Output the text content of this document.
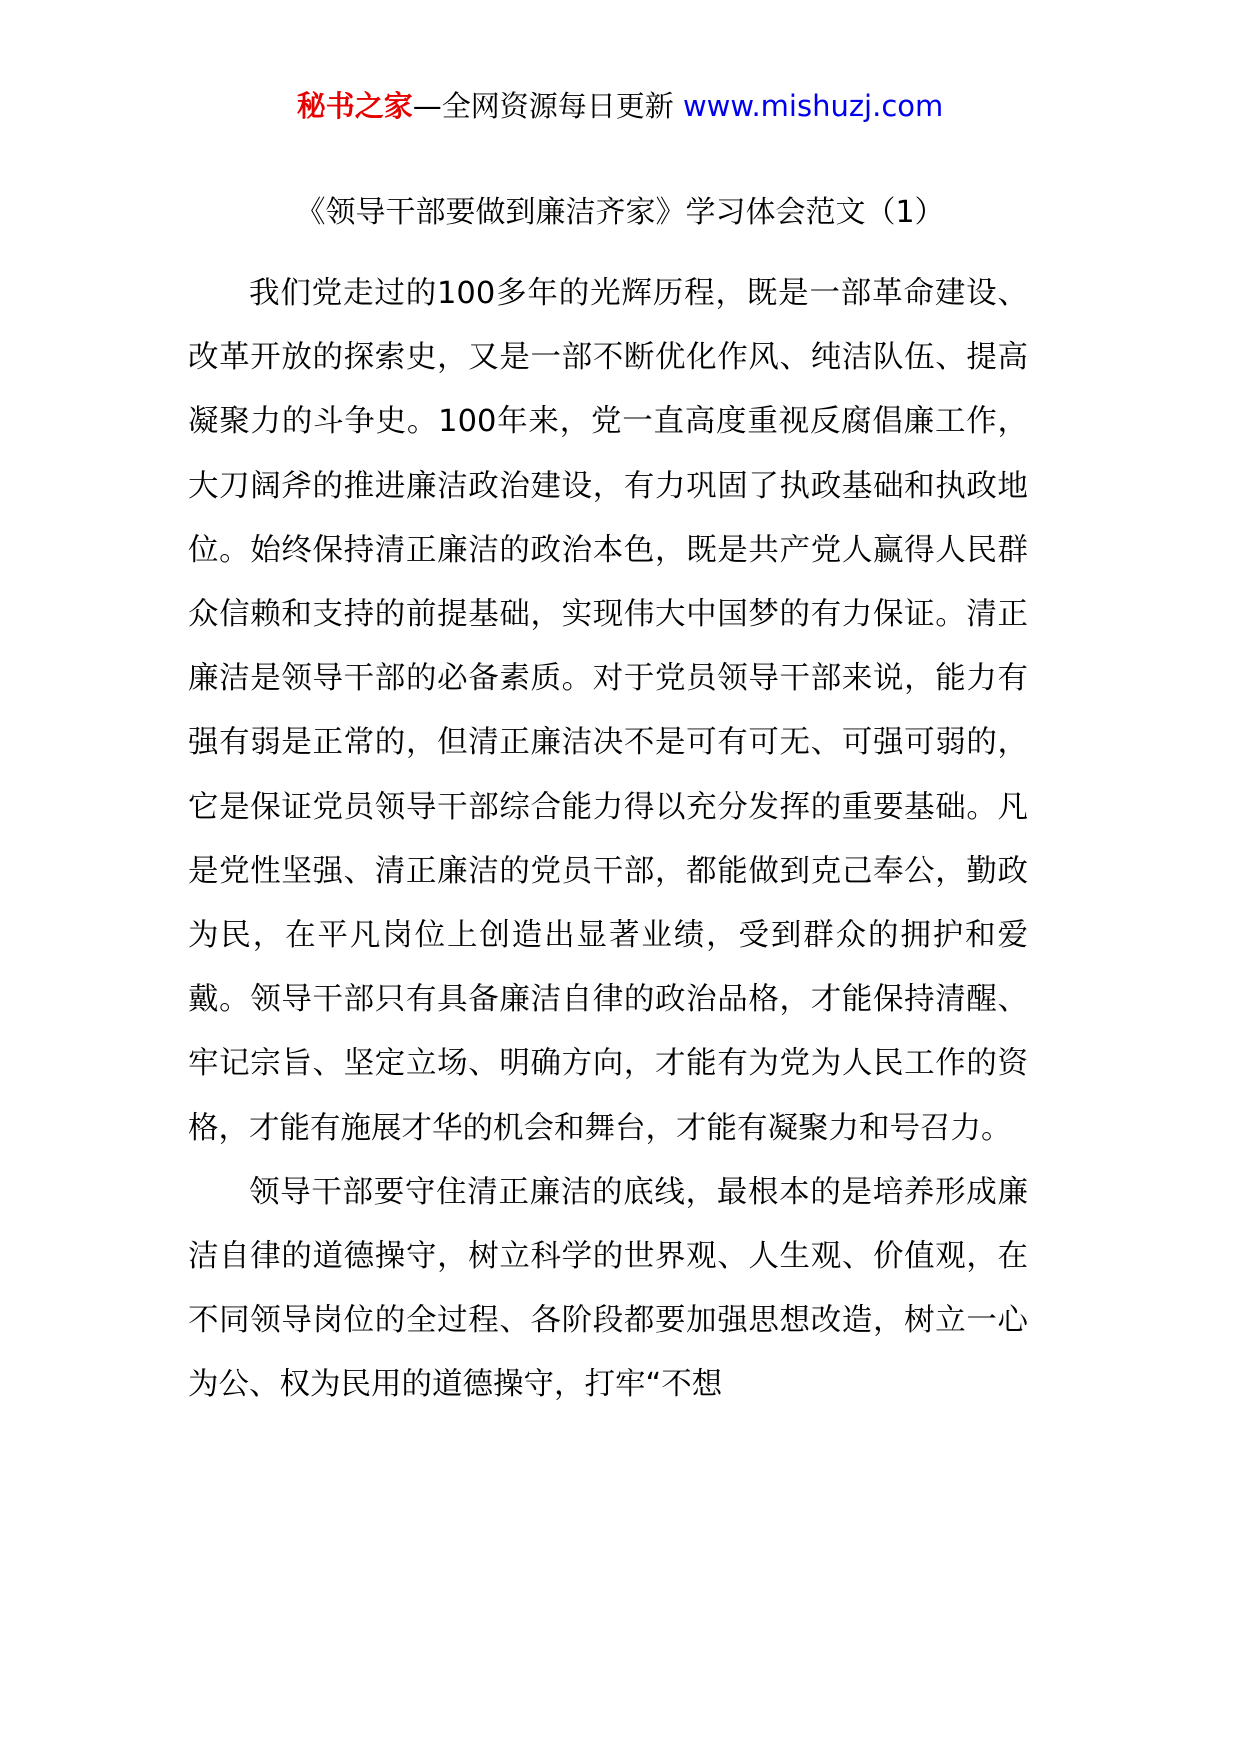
秘书之家—全网资源每日更新 www.mishuzj.com
《领导干部要做到廉洁齐家》学习体会范文（1）

我们党走过的100多年的光辉历程，既是一部革命建设、改革开放的探索史，又是一部不断优化作风、纯洁队伍、提高凝聚力的斗争史。100年来，党一直高度重视反腐倡廉工作，大刀阔斧的推进廉洁政治建设，有力巩固了执政基础和执政地位。始终保持清正廉洁的政治本色，既是共产党人赢得人民群众信赖和支持的前提基础，实现伟大中国梦的有力保证。清正廉洁是领导干部的必备素质。对于党员领导干部来说，能力有强有弱是正常的，但清正廉洁决不是可有可无、可强可弱的，它是保证党员领导干部综合能力得以充分发挥的重要基础。凡是党性坚强、清正廉洁的党员干部，都能做到克己奉公，勤政为民，在平凡岗位上创造出显著业绩，受到群众的拥护和爱戴。领导干部只有具备廉洁自律的政治品格，才能保持清醒、牢记宗旨、坚定立场、明确方向，才能有为党为人民工作的资格，才能有施展才华的机会和舞台，才能有凝聚力和号召力。

领导干部要守住清正廉洁的底线，最根本的是培养形成廉洁自律的道德操守，树立科学的世界观、人生观、价值观，在不同领导岗位的全过程、各阶段都要加强思想改造，树立一心为公、权为民用的道德操守，打牢“不想
